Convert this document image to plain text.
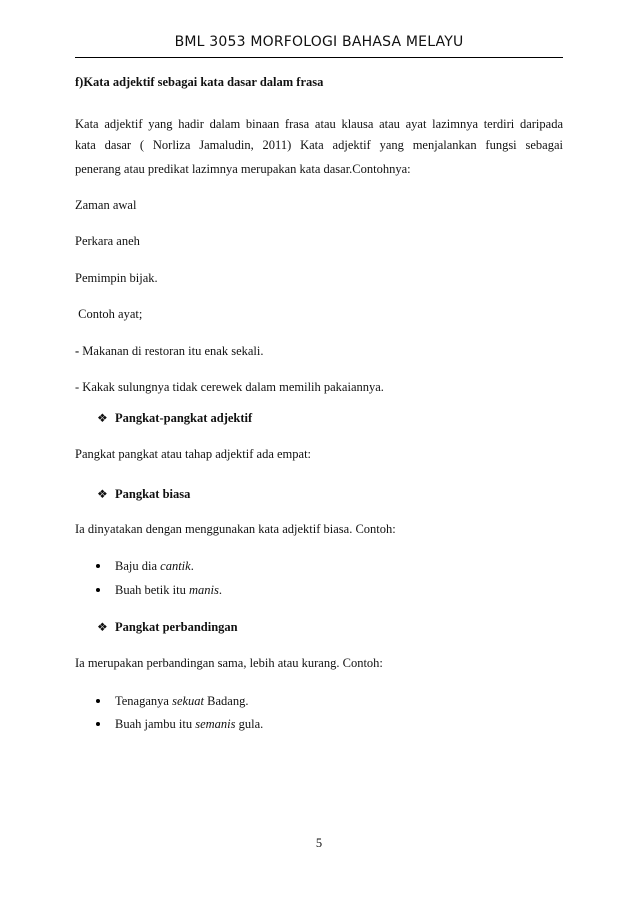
BML 3053 MORFOLOGI BAHASA MELAYU
f)Kata adjektif sebagai kata dasar dalam frasa
Kata adjektif yang hadir dalam binaan frasa atau klausa atau ayat lazimnya terdiri daripada
kata dasar ( Norliza Jamaludin, 2011) Kata adjektif yang menjalankan fungsi sebagai
penerang atau predikat lazimnya merupakan kata dasar.Contohnya:
Zaman awal
Perkara aneh
Pemimpin bijak.
Contoh ayat;
- Makanan di restoran itu enak sekali.
- Kakak sulungnya tidak cerewek dalam memilih pakaiannya.
❖ Pangkat-pangkat adjektif
Pangkat pangkat atau tahap adjektif ada empat:
❖ Pangkat biasa
Ia dinyatakan dengan menggunakan kata adjektif biasa. Contoh:
Baju dia cantik.
Buah betik itu manis.
❖ Pangkat perbandingan
Ia merupakan perbandingan sama, lebih atau kurang. Contoh:
Tenaganya sekuat Badang.
Buah jambu itu semanis gula.
5
